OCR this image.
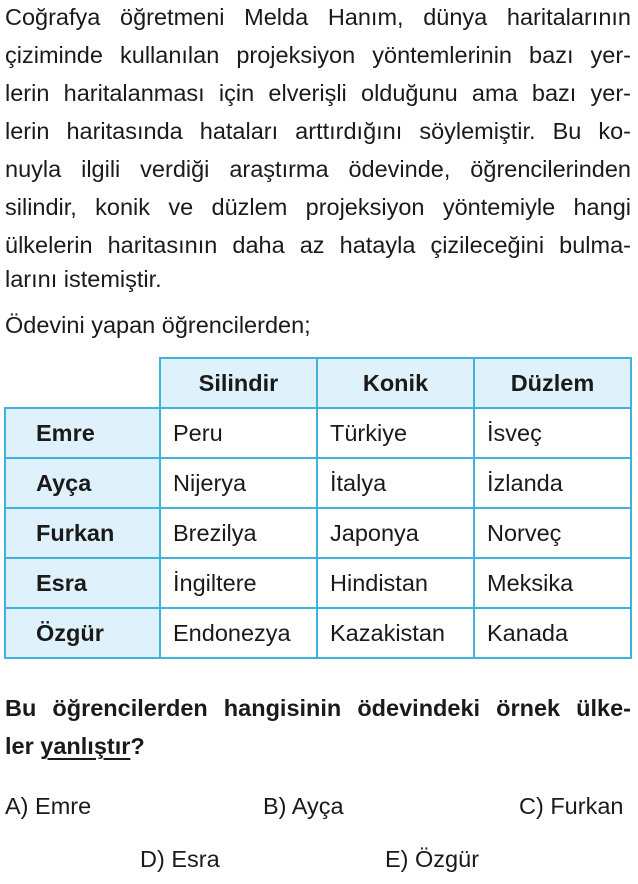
Coğrafya öğretmeni Melda Hanım, dünya haritalarının
çiziminde kullanılan projeksiyon yöntemlerinin bazı yer-
lerin haritalanması için elverişli olduğunu ama bazı yer-
lerin haritasında hataları arttırdığını söylemiştir. Bu ko-
nuyla ilgili verdiği araştırma ödevinde, öğrencilerinden
silindir, konik ve düzlem projeksiyon yöntemiyle hangi
ülkelerin haritasının daha az hatayla çizileceğini bulma-
larını istemiştir.
Ödevini yapan öğrencilerden;
	Silindir	Konik	Düzlem
Emre	Peru	Türkiye	İsveç
Ayça	Nijerya	İtalya	İzlanda
Furkan	Brezilya	Japonya	Norveç
Esra	İngiltere	Hindistan	Meksika
Özgür	Endonezya	Kazakistan	Kanada
Bu öğrencilerden hangisinin ödevindeki örnek ülke-
ler yanlıştır?
A) Emre	B) Ayça	C) Furkan
D) Esra	E) Özgür
